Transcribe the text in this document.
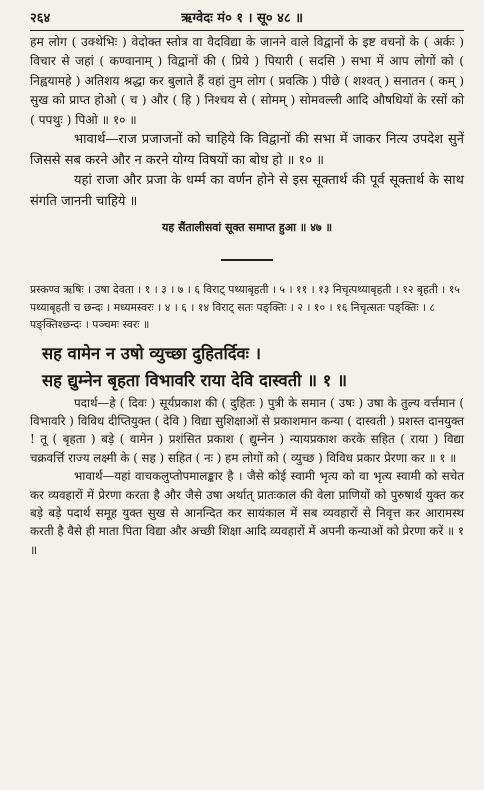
२६४	ऋग्वेदः मं० १ । सू० ४८ ॥

हम लोग ( उक्थेभिः ) वेदोक्त स्तोत्र वा वैदविद्या के जानने वाले विद्वानों के इष्ट वचनों के ( अर्कः ) विचार से जहां ( कण्वानाम् ) विद्वानों की ( प्रिये ) पियारी ( सदसि ) सभा में आप लोगों को ( निह्वयामहे ) अतिशय श्रद्धा कर बुलाते हैं वहां तुम लोग ( प्रवत्कि ) पीछे ( शश्वत् ) सनातन ( कम् ) सुख को प्राप्त होओ ( च ) और ( हि ) निश्चय से ( सोमम् ) सोमवल्ली आदि औषधियों के रसों को ( पपथुः ) पिओ ॥ १० ॥

भावार्थ—राज प्रजाजनों को चाहिये कि विद्वानों की सभा में जाकर नित्य उपदेश सुनें जिससे सब करने और न करने योग्य विषयों का बोध हो ॥ १० ॥

यहां राजा और प्रजा के धर्म्म का वर्णन होने से इस सूक्तार्थ की पूर्व सूक्तार्थ के साथ संगति जाननी चाहिये ॥

यह सैंतालीसवां सूक्त समाप्त हुआ ॥ ४७ ॥

प्रस्कण्व ऋषिः । उषा देवता । १ । ३ । ७ । ६ विराट् पथ्याबृहती । ५ । ११ । १३ निचृत्पथ्याबृहती । १२ बृहती । १५ पथ्याबृहती च छन्दः । मध्यमस्वरः । ४ । ६ । १४ विराट् सतः पङ्क्तिः । २ । १० । १६ निचृत्सतः पङ्क्तिः । ८ पङ्क्तिश्छन्दः । पञ्चमः स्वरः ॥

सह वामेन न उषो व्युच्छा दुहितर्दिवः ।

सह द्युम्नेन बृहता विभावरि राया देवि दास्वती ॥ १ ॥

पदार्थ—हे ( दिवः ) सूर्यप्रकाश की ( दुहितः ) पुत्री के समान ( उषः ) उषा के तुल्य वर्त्तमान ( विभावरि ) विविध दीप्तियुक्त ( देवि ) विद्या सुशिक्षाओं से प्रकाशमान कन्या ( दास्वती ) प्रशस्त दानयुक्त ! तू ( बृहता ) बड़े ( वामेन ) प्रशंसित प्रकाश ( द्युम्नेन ) न्यायप्रकाश करके सहित ( राया ) विद्या चक्रवर्त्ति राज्य लक्ष्मी के ( सह ) सहित ( नः ) हम लोगों को ( व्युच्छ ) विविध प्रकार प्रेरणा कर ॥ १ ॥

भावार्थ—यहां वाचकलुप्तोपमालङ्कार है । जैसे कोई स्वामी भृत्य को वा भृत्य स्वामी को सचेत कर व्यवहारों में प्रेरणा करता है और जैसे उषा अर्थात् प्रातःकाल की वेला प्राणियों को पुरुषार्थ युक्त कर बड़े बड़े पदार्थ समूह युक्त सुख से आनन्दित कर सायंकाल में सब व्यवहारों से निवृत्त कर आरामस्थ करती है वैसे ही माता पिता विद्या और अच्छी शिक्षा आदि व्यवहारों में अपनी कन्याओं को प्रेरणा करें ॥ १ ॥
